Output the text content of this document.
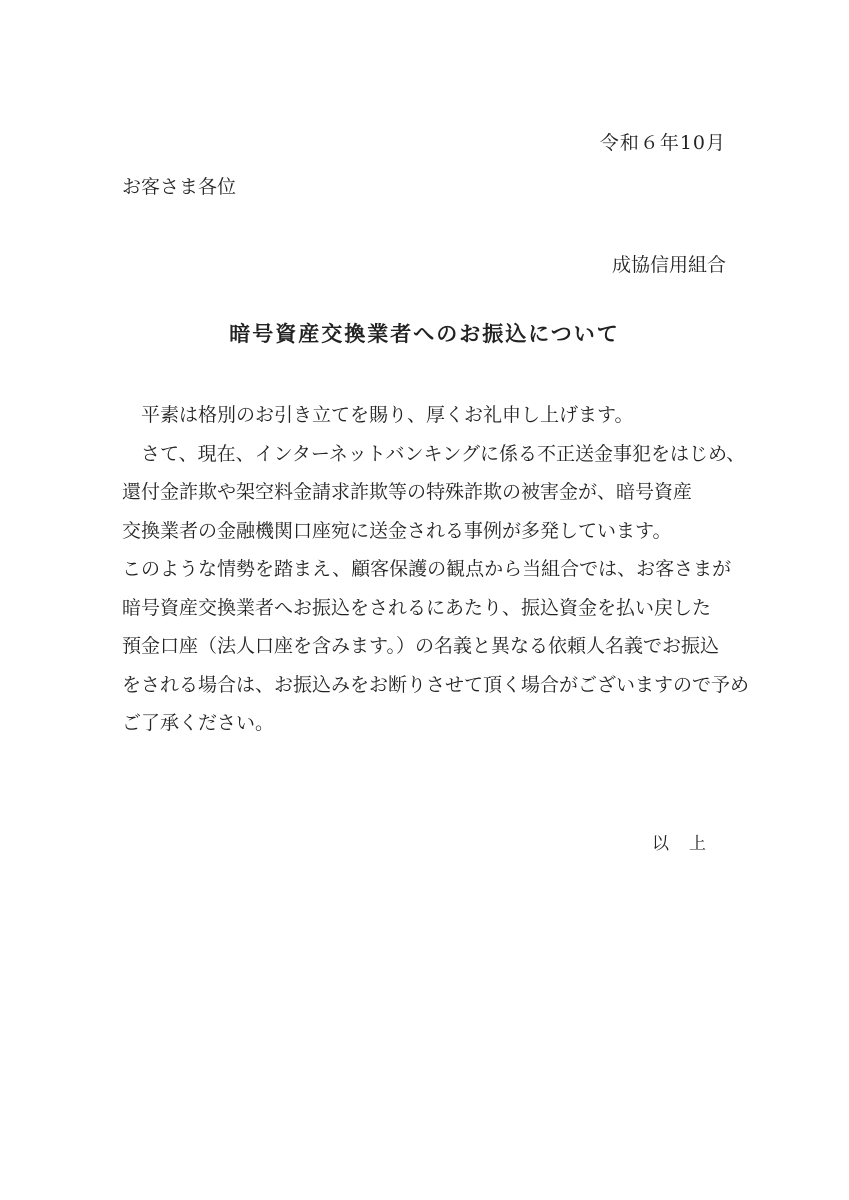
令和６年10月
お客さま各位
成協信用組合
暗号資産交換業者へのお振込について
　平素は格別のお引き立てを賜り、厚くお礼申し上げます。
　さて、現在、インターネットバンキングに係る不正送金事犯をはじめ、
還付金詐欺や架空料金請求詐欺等の特殊詐欺の被害金が、暗号資産
交換業者の金融機関口座宛に送金される事例が多発しています。
このような情勢を踏まえ、顧客保護の観点から当組合では、お客さまが
暗号資産交換業者へお振込をされるにあたり、振込資金を払い戻した
預金口座（法人口座を含みます。）の名義と異なる依頼人名義でお振込
をされる場合は、お振込みをお断りさせて頂く場合がございますので予め
ご了承ください。
以上
